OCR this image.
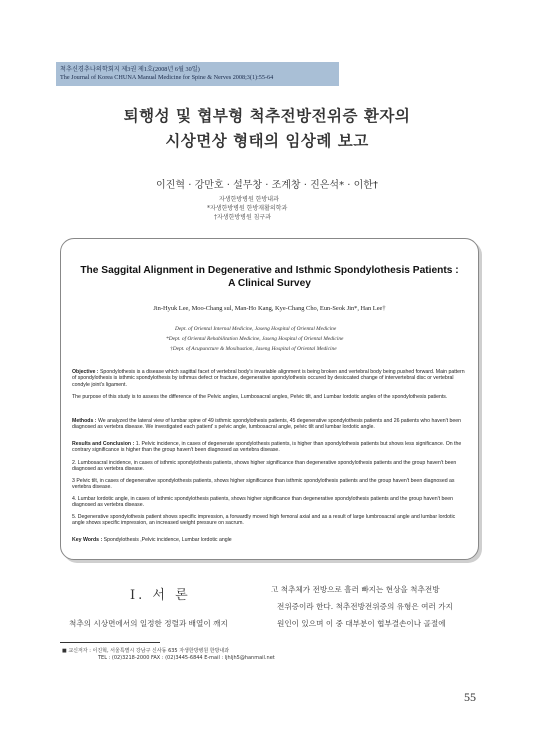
척추신경추나의학회지 제3권 제1호(2008년 6월 30일)
The Journal of Korea CHUNA Manual Medicine for Spine & Nerves 2008;3(1):55-64
퇴행성 및 협부형 척추전방전위증 환자의
시상면상 형태의 임상례 보고
이진혁 · 강만호 · 설무창 · 조계창 · 진은석* · 이한†
자생한방병원 한방내과
*자생한방병원 한방재활의학과
†자생한방병원 침구과
The Saggital Alignment in Degenerative and Isthmic Spondylothesis Patients :
A Clinical Survey
Jin-Hyuk Lee, Moo-Chang sul, Man-Ho Kang, Kye-Chang Cho, Eun-Seok Jin*, Han Lee†
Dept. of Oriental Internal Medicine, Jaseng Hospital of Oriental Medicine
*Dept. of Oriental Rehabilitation Medicine, Jaseng Hospital of Oriental Medicine
†Dept. of Acupuncture & Moxibustion, Jaseng Hospital of Oriental Medicine
Objective : Spondylothesis is a disease which sagittal facet of vertebral body's invariable alignment is being broken and vertebral body being pushed forward. Main pattern of spondylothesis is isthmic spondylothesis by isthmus defect or fracture, degenerative spondylothesis occured by desiccated change of intervertebral disc or vertebral condyle joint's ligament.
The purpose of this study is to assess the difference of the Pelvic angles, Lumbosacral angles, Pelvic tilt, and Lumbar lordotic angles of the spondylothesis patients.
Methods : We analyzed the lateral view of lumbar spine of 49 isthmic spondylothesis patients, 45 degenerative spondylothesis patients and 26 patients who haven't been diagnosed as vertebra disease. We investigated each patient' s pelvic angle, lumbosacral angle, pelvic tilt and lumbar lordotic angle.
Results and Conclusion : 1. Pelvic incidence, in cases of degenerate spondylothesis patients, is higher than spondylothesis patients but shows less significance. On the contrary significance is higher than the group haven't been diagnosed as vertebra disease.
2. Lumbosacral incidence, in cases of isthmic spondylothesis patients, shows higher significance than degenerative spondylothesis patients and the group haven't been diagnosed as vertebra disease.
3 Pelvic tilt, in cases of degenerative spondylothesis patients, shows higher significance than isthmic spondylothesis patients and the group haven't been diagnosed as vertebra disease.
4. Lumbar lordotic angle, in cases of isthmic spondylothesis patients, shows higher significance than degenerative spondylothesis patients and the group haven't been diagnosed as vertebra disease.
5. Degenerative spondylothesis patient shows specific impression, a forwardly moved high femoral axial and as a result of large lumbrosacral angle and lumbar lordotic angle shows specific impression, an increased weight pressure on sacrum.
Key Words : Spondylothesis ,Pelvic incidence, Lumbar lordotic angle
Ⅰ. 서 론
척추의 시상면에서의 일정한 정렬과 배열이 깨지
고 척추체가 전방으로 흘러 빠지는 현상을 척추전방
전위증이라 한다. 척추전방전위증의 유형은 여러 가지
원인이 있으며 이 중 대부분이 협부결손이나 골절에
■ 교신저자 : 이진혁, 서울특별시 강남구 신사동 635 자생한방병원 한방내과
TEL : (02)3218-2000 FAX : (02)3445-6844 E-mail : ljhljh5@hanmail.net
55
